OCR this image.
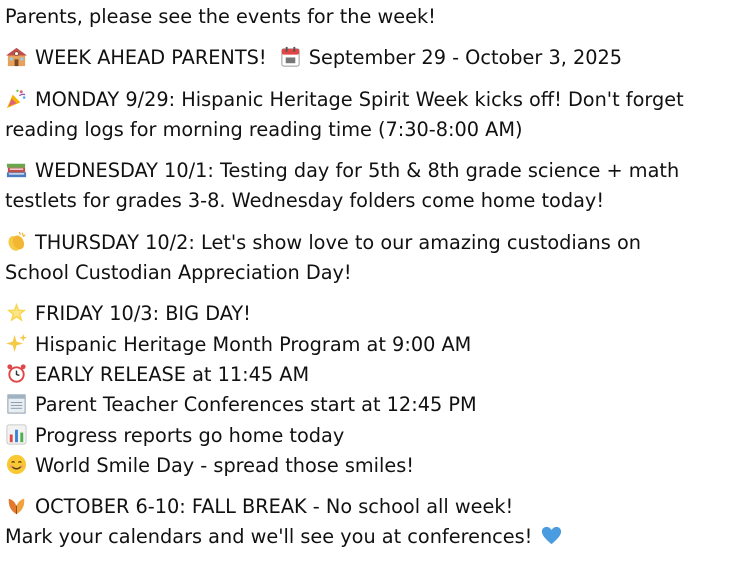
Parents, please see the events for the week!
WEEK AHEAD PARENTS! September 29 - October 3, 2025
MONDAY 9/29: Hispanic Heritage Spirit Week kicks off! Don't forget
reading logs for morning reading time (7:30-8:00 AM)
WEDNESDAY 10/1: Testing day for 5th & 8th grade science + math
testlets for grades 3-8. Wednesday folders come home today!
THURSDAY 10/2: Let's show love to our amazing custodians on
School Custodian Appreciation Day!
FRIDAY 10/3: BIG DAY!
Hispanic Heritage Month Program at 9:00 AM
EARLY RELEASE at 11:45 AM
Parent Teacher Conferences start at 12:45 PM
Progress reports go home today
World Smile Day - spread those smiles!
OCTOBER 6-10: FALL BREAK - No school all week!
Mark your calendars and we'll see you at conferences!
